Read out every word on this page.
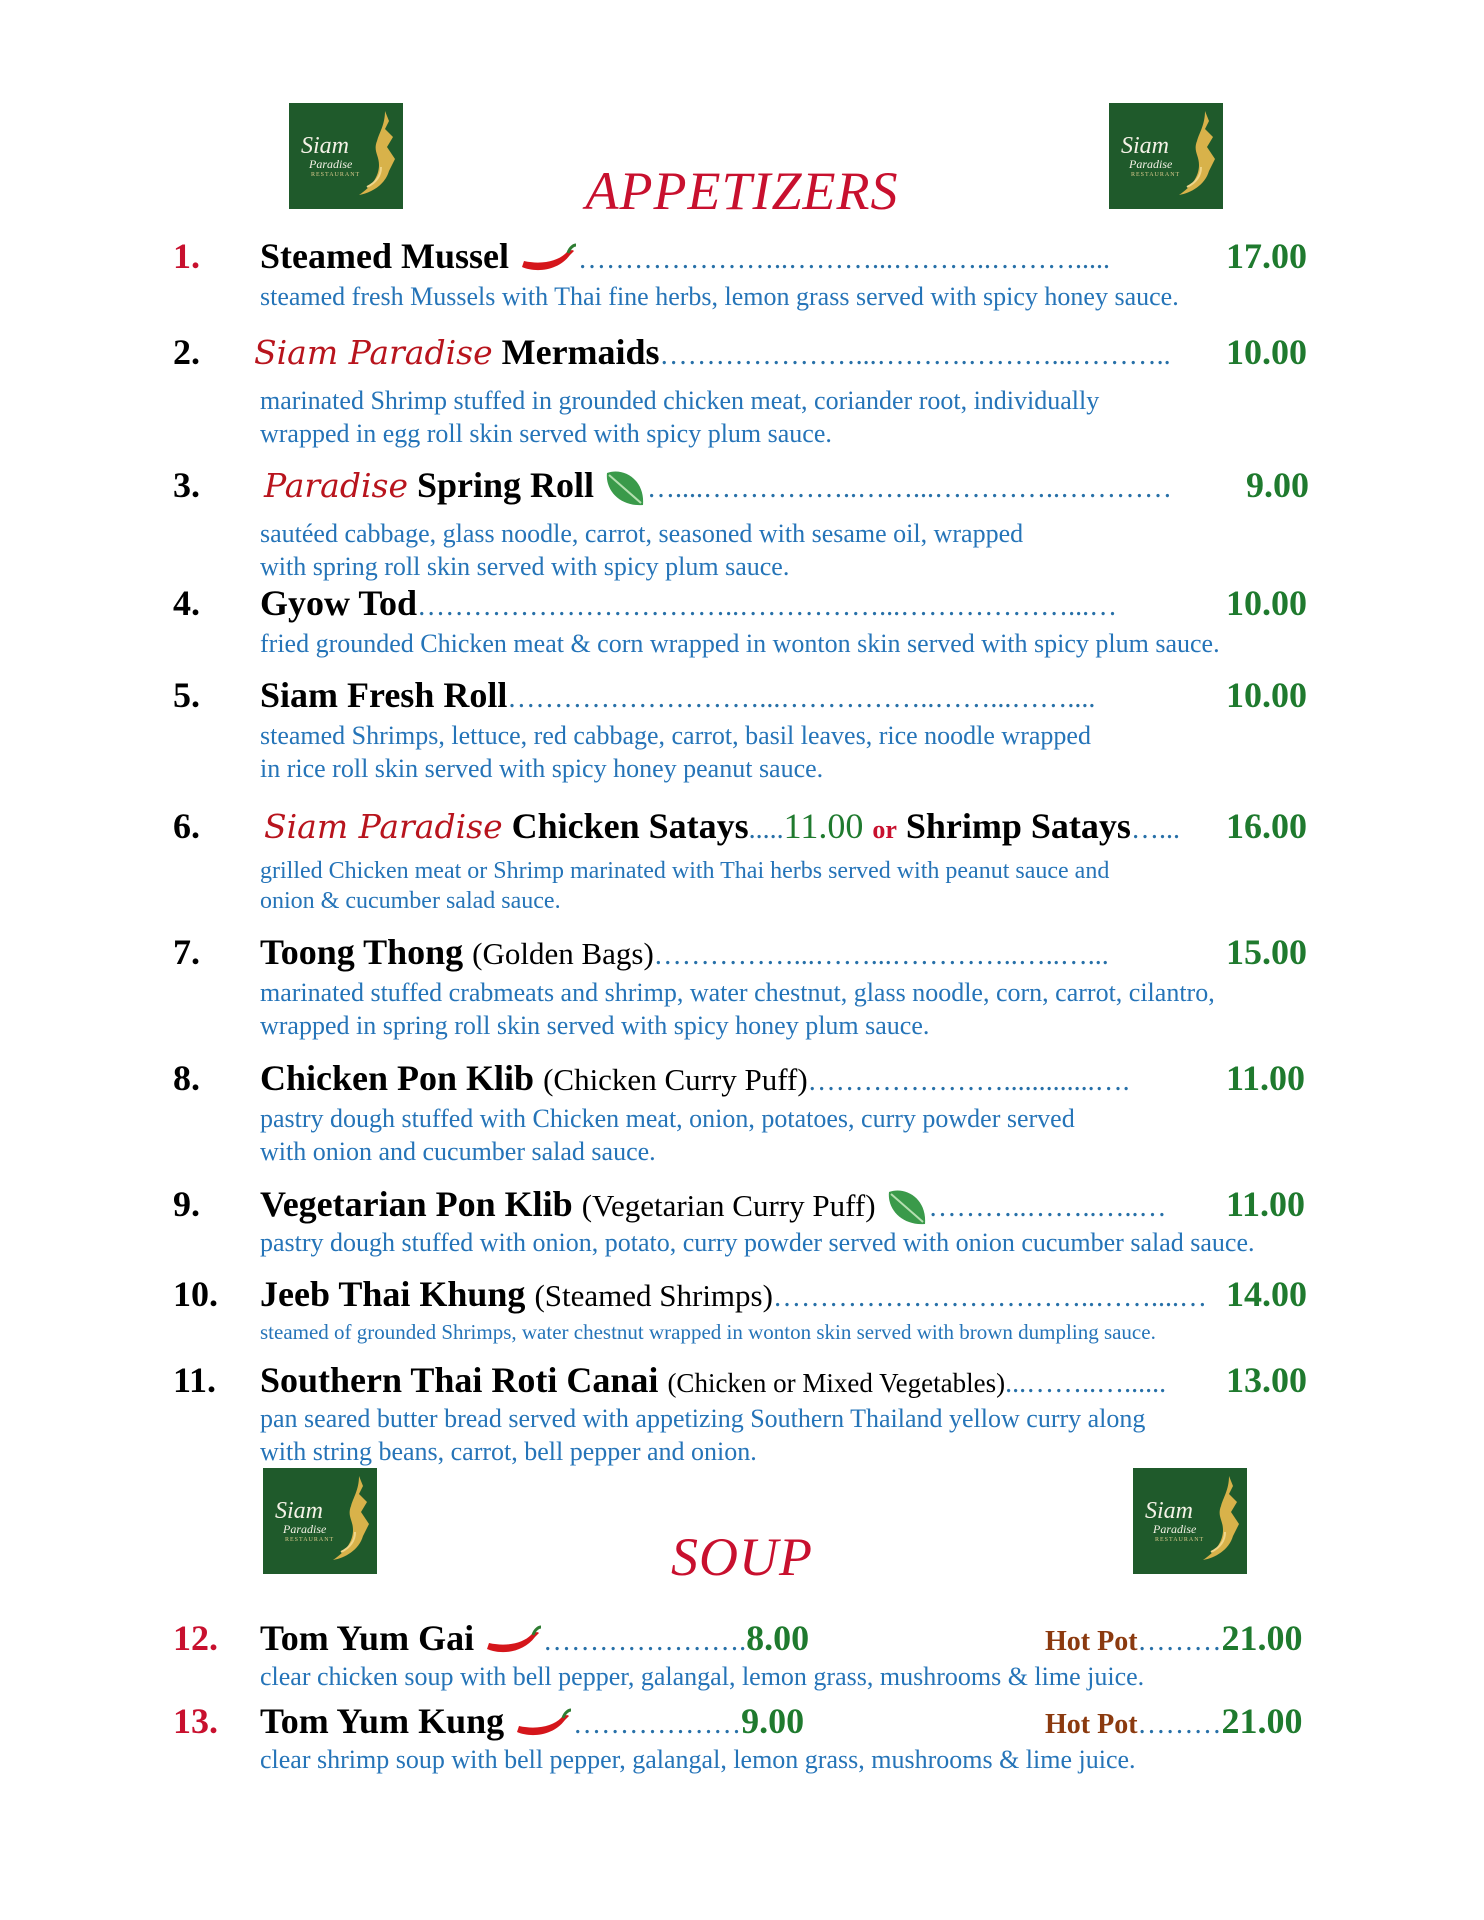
Siam
Paradise
RESTAURANT
Siam
Paradise
RESTAURANT
APPETIZERS
1. Steamed Mussel …………………..………...………..……….....	17.00
steamed fresh Mussels with Thai fine herbs, lemon grass served with spicy honey sauce.
2. Siam Paradise Mermaids…………………...……….………...……….. 10.00
marinated Shrimp stuffed in grounded chicken meat, coriander root, individually
wrapped in egg roll skin served with spicy plum sauce.
3. Paradise Spring Roll …....……………..……...…………..………… 9.00
sautéed cabbage, glass noodle, carrot, seasoned with sesame oil, wrapped
with spring roll skin served with spicy plum sauce.
4. Gyow Tod……………………………..……………...………………...…	10.00
fried grounded Chicken meat & corn wrapped in wonton skin served with spicy plum sauce.
5. Siam Fresh Roll………………………...……………..……...……....	10.00
steamed Shrimps, lettuce, red cabbage, carrot, basil leaves, rice noodle wrapped
in rice roll skin served with spicy honey peanut sauce.
6. Siam Paradise Chicken Satays.....11.00 or Shrimp Satays…... 16.00
grilled Chicken meat or Shrimp marinated with Thai herbs served with peanut sauce and
onion & cucumber salad sauce.
7. Toong Thong (Golden Bags)……………...……...…………..…..…...	15.00
marinated stuffed crabmeats and shrimp, water chestnut, glass noodle, corn, carrot, cilantro,
wrapped in spring roll skin served with spicy honey plum sauce.
8. Chicken Pon Klib (Chicken Curry Puff)………………….............….	11.00
pastry dough stuffed with Chicken meat, onion, potatoes, curry powder served
with onion and cucumber salad sauce.
9. Vegetarian Pon Klib (Vegetarian Curry Puff) ………..……..…..… 11.00
pastry dough stuffed with onion, potato, curry powder served with onion cucumber salad sauce.
10. Jeeb Thai Khung (Steamed Shrimps)……………………………..……....… 14.00
steamed of grounded Shrimps, water chestnut wrapped in wonton skin served with brown dumpling sauce.
11. Southern Thai Roti Canai (Chicken or Mixed Vegetables)...……..…...... 13.00
pan seared butter bread served with appetizing Southern Thailand yellow curry along
with string beans, carrot, bell pepper and onion.
Siam
Paradise
RESTAURANT
Siam
Paradise
RESTAURANT
SOUP
12. Tom Yum Gai ………………….8.00	Hot Pot………21.00
clear chicken soup with bell pepper, galangal, lemon grass, mushrooms & lime juice.
13. Tom Yum Kung ………………9.00	Hot Pot………21.00
clear shrimp soup with bell pepper, galangal, lemon grass, mushrooms & lime juice.
